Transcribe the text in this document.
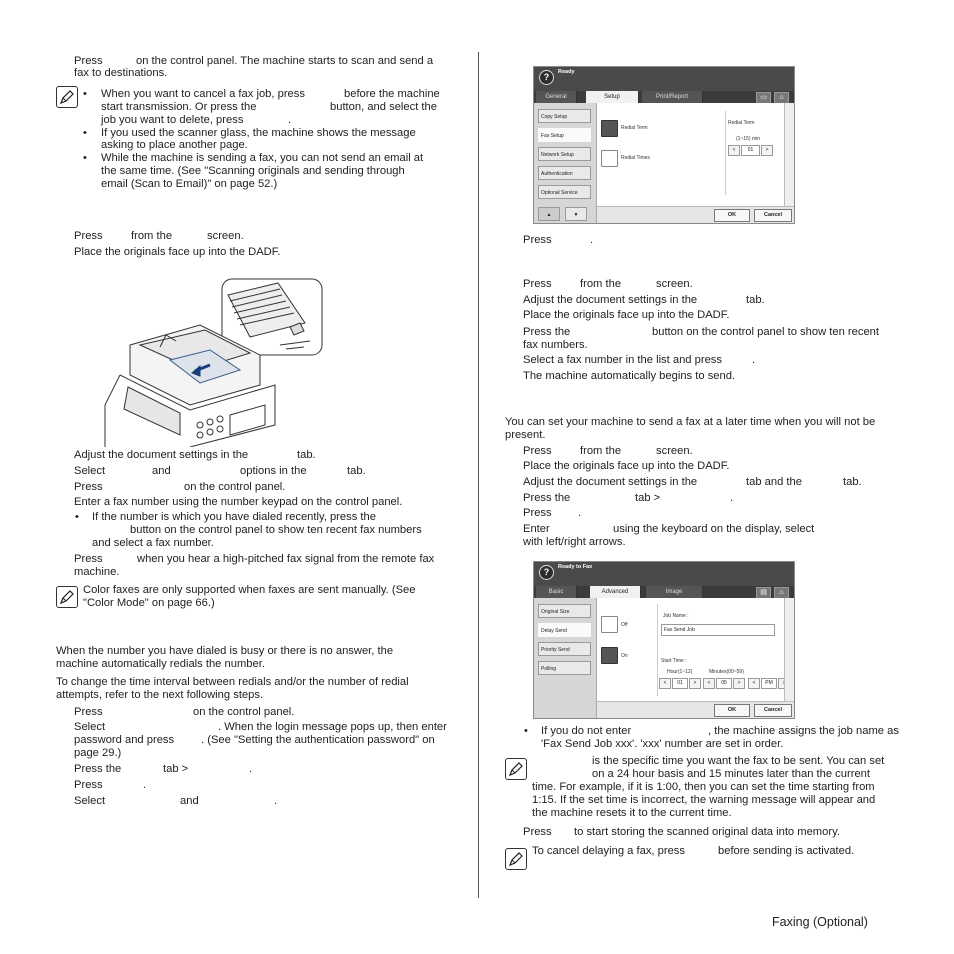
Press	on the control panel. The machine starts to scan and send a
fax to destinations.
• When you want to cancel a fax job, press	before the machine
start transmission. Or press the	button, and select the
job you want to delete, press	.
• If you used the scanner glass, the machine shows the message
asking to place another page.
• While the machine is sending a fax, you can not send an email at
the same time. (See "Scanning originals and sending through
email (Scan to Email)" on page 52.)
Press	from the	screen.
Place the originals face up into the DADF.
Adjust the document settings in the	tab.
Select	and	options in the	tab.
Press	on the control panel.
Enter a fax number using the number keypad on the control panel.
• If the number is which you have dialed recently, press the
button on the control panel to show ten recent fax numbers
and select a fax number.
Press	when you hear a high-pitched fax signal from the remote fax
machine.
Color faxes are only supported when faxes are sent manually. (See
"Color Mode" on page 66.)
When the number you have dialed is busy or there is no answer, the
machine automatically redials the number.
To change the time interval between redials and/or the number of redial
attempts, refer to the next following steps.
Press	on the control panel.
Select	. When the login message pops up, then enter
password and press . (See "Setting the authentication password" on
page 29.)
Press the	tab >	.
Press	.
Select	and	.
?	Ready
General	Setup	Print/Report	▭	⌂
Copy Setup
Fax Setup
Network Setup
Authentication
Optional Service
▲	▼
Redial Term
Redial Times
Redial Term
(1~15) min
<	01	>
OK	Cancel
Press	.
Press	from the	screen.
Adjust the document settings in the	tab.
Place the originals face up into the DADF.
Press the	button on the control panel to show ten recent
fax numbers.
Select a fax number in the list and press	.
The machine automatically begins to send.
You can set your machine to send a fax at a later time when you will not be
present.
Press	from the	screen.
Place the originals face up into the DADF.
Adjust the document settings in the	tab and the	tab.
Press the	tab >	.
Press .
Enter	using the keyboard on the display, select
with left/right arrows.
?	Ready to Fax
Basic	Advanced	Image	▤	⌂
Original Size
Delay Send
Priority Send
Polling
Off
On
Job Name :
Fax Send Job
Start Time :
Hour(1~12)	Minutes(00~59)
<	01	>	<	05	>	<	PM
OK	Cancel
• If you do not enter	, the machine assigns the job name as
'Fax Send Job xxx'. 'xxx' number are set in order.
is the specific time you want the fax to be sent. You can set
on a 24 hour basis and 15 minutes later than the current
time. For example, if it is 1:00, then you can set the time starting from
1:15. If the set time is incorrect, the warning message will appear and
the machine resets it to the current time.
Press to start storing the scanned original data into memory.
To cancel delaying a fax, press	before sending is activated.
Faxing (Optional)
